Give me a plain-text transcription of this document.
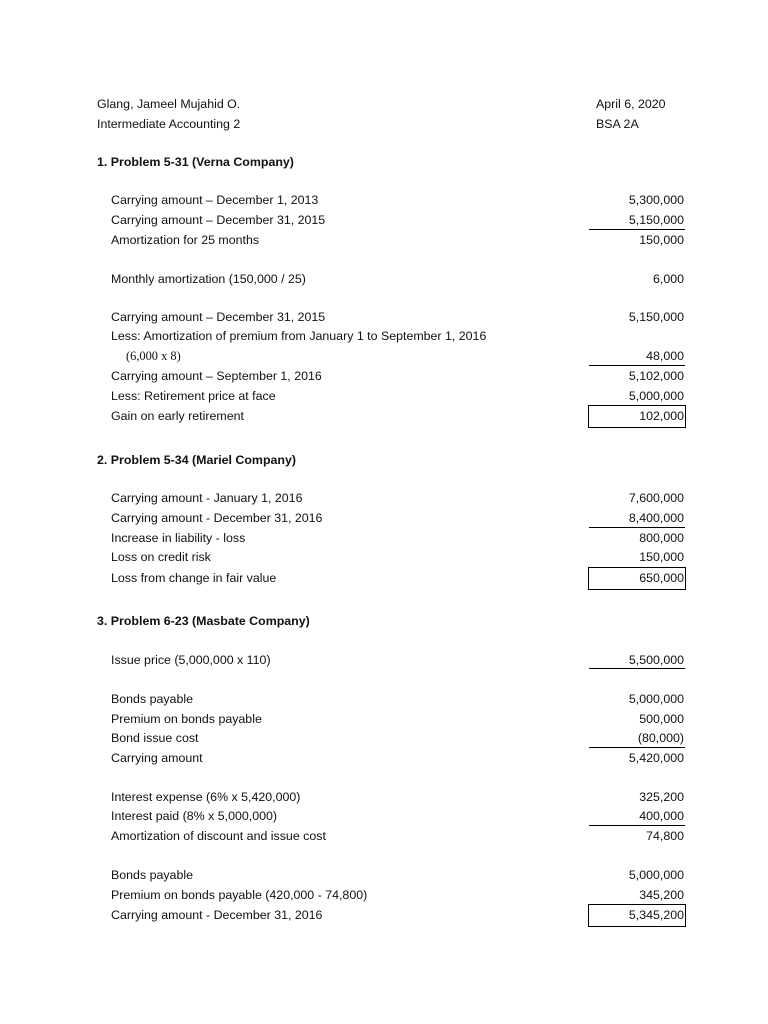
Glang, Jameel Mujahid O.
Intermediate Accounting 2
April 6, 2020
BSA 2A
1. Problem 5-31 (Verna Company)
Carrying amount – December 1, 2013	5,300,000
Carrying amount – December 31, 2015	5,150,000
Amortization for 25 months	150,000
Monthly amortization (150,000 / 25)	6,000
Carrying amount – December 31, 2015	5,150,000
Less: Amortization of premium from January 1 to September 1, 2016
(6,000 x 8)	48,000
Carrying amount – September 1, 2016	5,102,000
Less: Retirement price at face	5,000,000
Gain on early retirement	102,000
2. Problem 5-34 (Mariel Company)
Carrying amount - January 1, 2016	7,600,000
Carrying amount - December 31, 2016	8,400,000
Increase in liability - loss	800,000
Loss on credit risk	150,000
Loss from change in fair value	650,000
3. Problem 6-23 (Masbate Company)
Issue price (5,000,000 x 110)	5,500,000
Bonds payable	5,000,000
Premium on bonds payable	500,000
Bond issue cost	(80,000)
Carrying amount	5,420,000
Interest expense (6% x 5,420,000)	325,200
Interest paid (8% x 5,000,000)	400,000
Amortization of discount and issue cost	74,800
Bonds payable	5,000,000
Premium on bonds payable (420,000 - 74,800)	345,200
Carrying amount - December 31, 2016	5,345,200
